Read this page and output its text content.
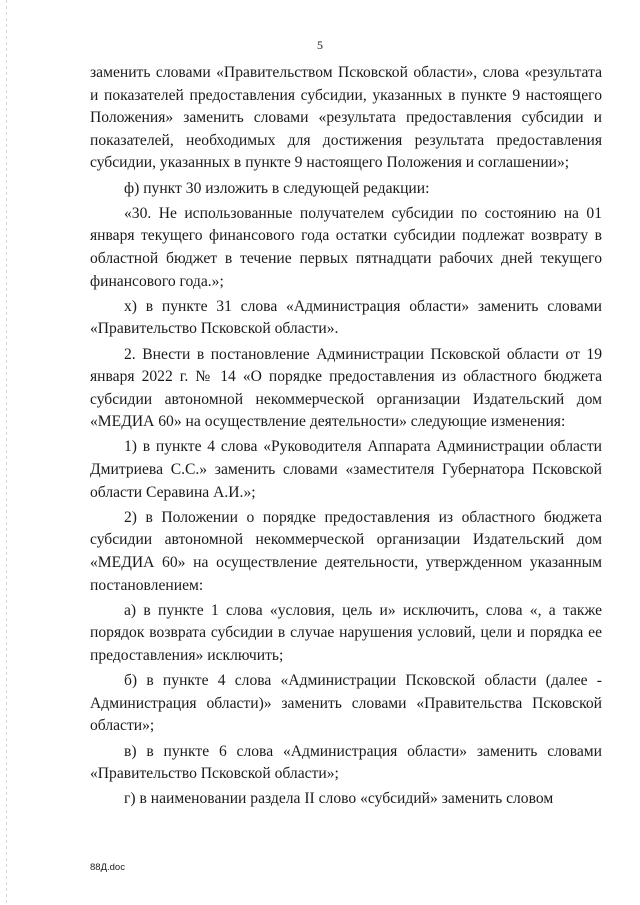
5

заменить словами «Правительством Псковской области», слова «результата и показателей предоставления субсидии, указанных в пункте 9 настоящего Положения» заменить словами «результата предоставления субсидии и показателей, необходимых для достижения результата предоставления субсидии, указанных в пункте 9 настоящего Положения и соглашении»;

ф) пункт 30 изложить в следующей редакции:

«30. Не использованные получателем субсидии по состоянию на 01 января текущего финансового года остатки субсидии подлежат возврату в областной бюджет в течение первых пятнадцати рабочих дней текущего финансового года.»;

х) в пункте 31 слова «Администрация области» заменить словами «Правительство Псковской области».

2. Внести в постановление Администрации Псковской области от 19 января 2022 г. № 14 «О порядке предоставления из областного бюджета субсидии автономной некоммерческой организации Издательский дом «МЕДИА 60» на осуществление деятельности» следующие изменения:

1) в пункте 4 слова «Руководителя Аппарата Администрации области Дмитриева С.С.» заменить словами «заместителя Губернатора Псковской области Серавина А.И.»;

2) в Положении о порядке предоставления из областного бюджета субсидии автономной некоммерческой организации Издательский дом «МЕДИА 60» на осуществление деятельности, утвержденном указанным постановлением:

а) в пункте 1 слова «условия, цель и» исключить, слова «, а также порядок возврата субсидии в случае нарушения условий, цели и порядка ее предоставления» исключить;

б) в пункте 4 слова «Администрации Псковской области (далее - Администрация области)» заменить словами «Правительства Псковской области»;

в) в пункте 6 слова «Администрация области» заменить словами «Правительство Псковской области»;

г) в наименовании раздела II слово «субсидий» заменить словом

88Д.doc
